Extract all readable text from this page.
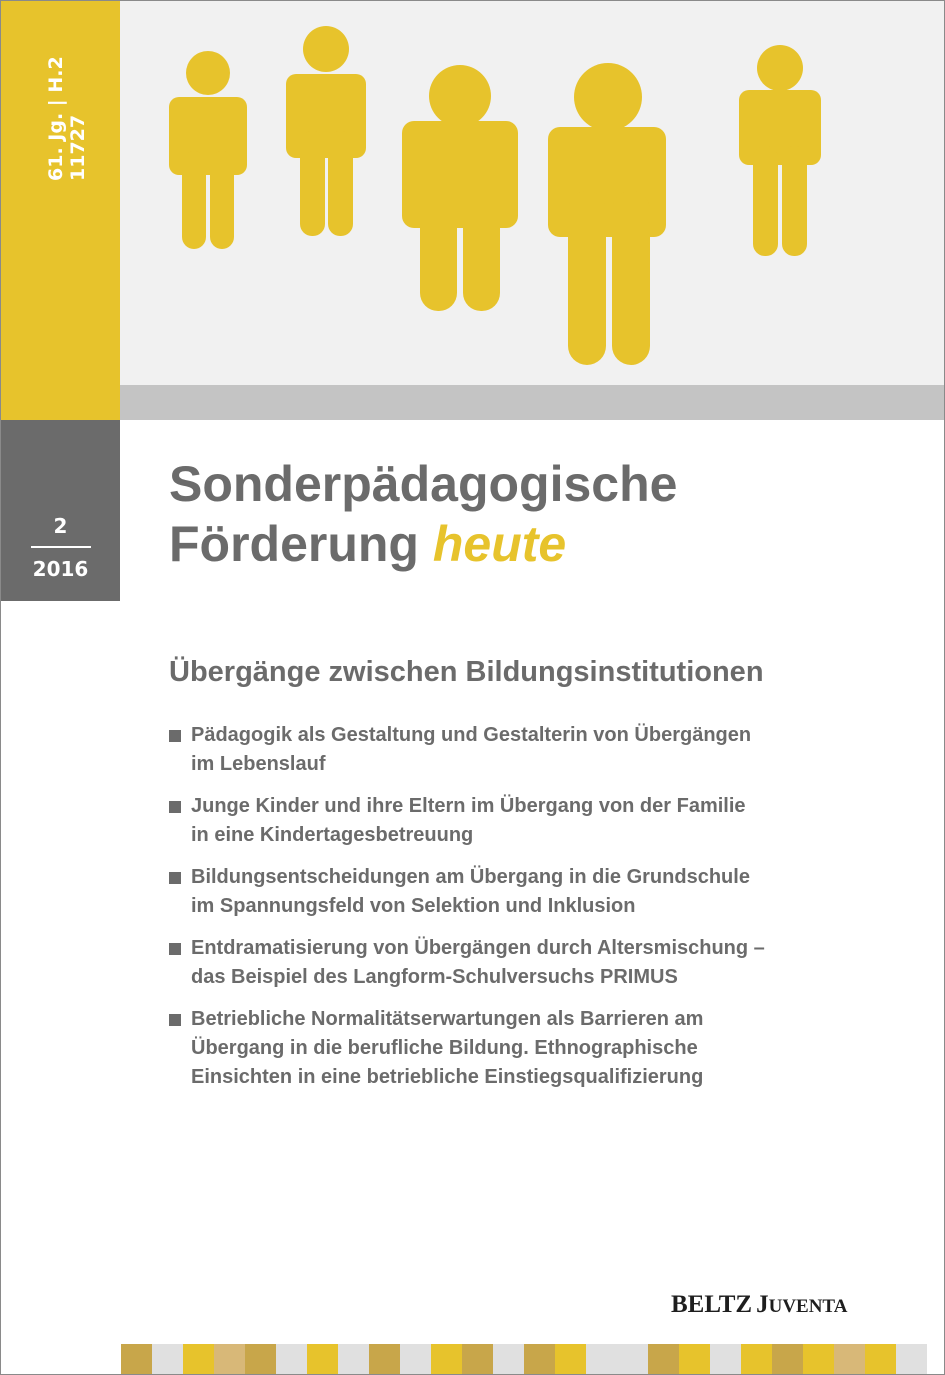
61. Jg. | H.2 11727
2
2016
Sonderpädagogische
Förderung heute
Übergänge zwischen Bildungsinstitutionen
Pädagogik als Gestaltung und Gestalterin von Übergängen
im Lebenslauf
Junge Kinder und ihre Eltern im Übergang von der Familie
in eine Kindertagesbetreuung
Bildungsentscheidungen am Übergang in die Grundschule
im Spannungsfeld von Selektion und Inklusion
Entdramatisierung von Übergängen durch Altersmischung –
das Beispiel des Langform-Schulversuchs PRIMUS
Betriebliche Normalitätserwartungen als Barrieren am
Übergang in die berufliche Bildung. Ethnographische
Einsichten in eine betriebliche Einstiegsqualifizierung
BELTZ JUVENTA
